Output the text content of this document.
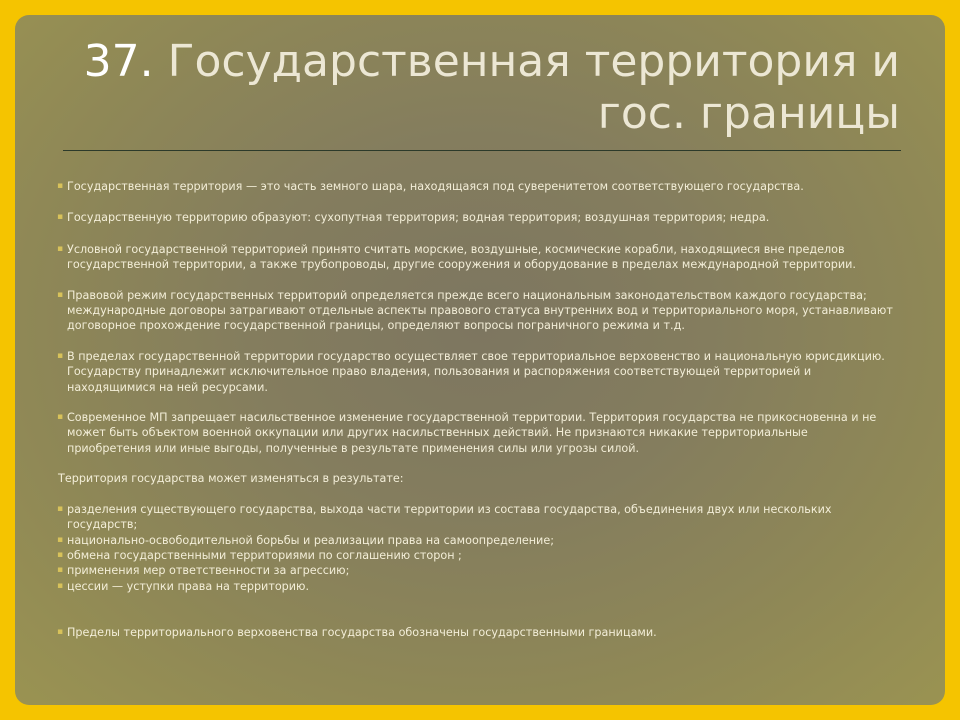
37. Государственная территория и
гос. границы

▪ Государственная территория — это часть земного шара, находящаяся под суверенитетом соответствующего государства.

▪ Государственную территорию образуют: сухопутная территория; водная территория; воздушная территория; недра.

▪ Условной государственной территорией принято считать морские, воздушные, космические корабли, находящиеся вне пределов государственной территории, а также трубопроводы, другие сооружения и оборудование в пределах международной территории.

▪ Правовой режим государственных территорий определяется прежде всего национальным законодательством каждого государства; международные договоры затрагивают отдельные аспекты правового статуса внутренних вод и территориального моря, устанавливают договорное прохождение государственной границы, определяют вопросы пограничного режима и т.д.

▪ В пределах государственной территории государство осуществляет свое территориальное верховенство и национальную юрисдикцию. Государству принадлежит исключительное право владения, пользования и распоряжения соответствующей территорией и находящимися на ней ресурсами.

▪ Современное МП запрещает насильственное изменение государственной территории. Территория государства не прикосновенна и не может быть объектом военной оккупации или других насильственных действий. Не признаются никакие территориальные приобретения или иные выгоды, полученные в результате применения силы или угрозы силой.

Территория государства может изменяться в результате:

▪ разделения существующего государства, выхода части территории из состава государства, объединения двух или нескольких государств;
▪ национально-освободительной борьбы и реализации права на самоопределение;
▪ обмена государственными территориями по соглашению сторон ;
▪ применения мер ответственности за агрессию;
▪ цессии — уступки права на территорию.

▪ Пределы территориального верховенства государства обозначены государственными границами.
